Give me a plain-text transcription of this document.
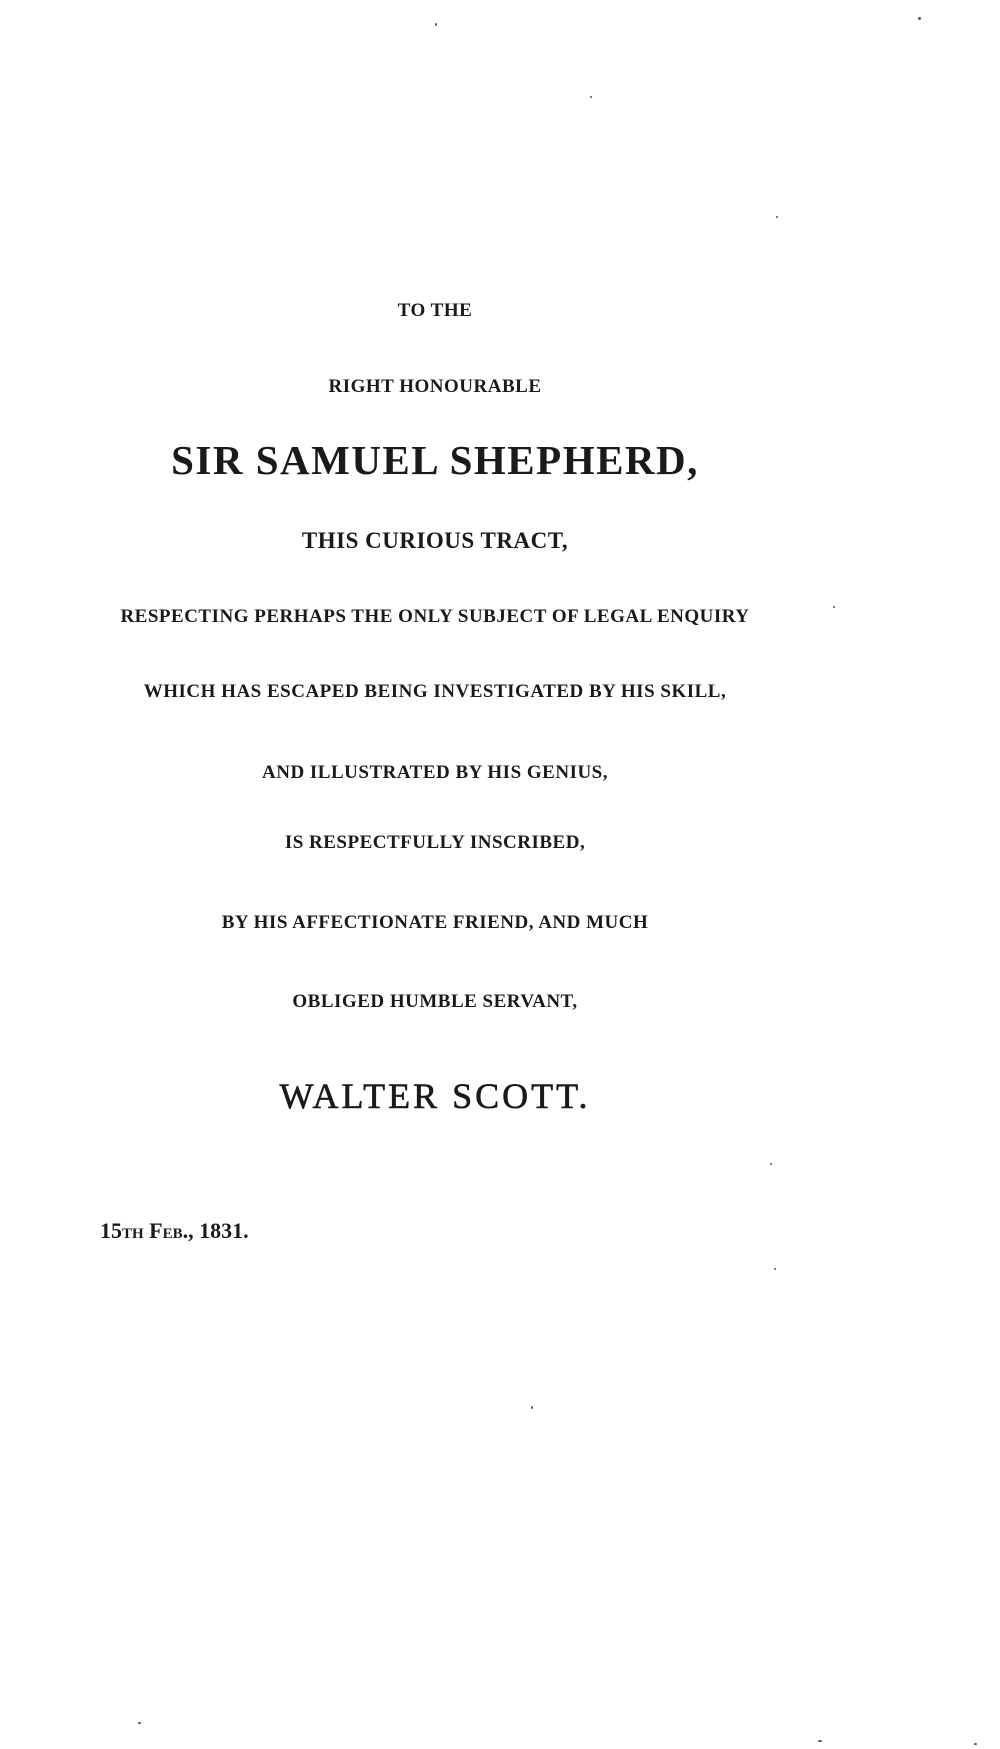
TO THE
RIGHT HONOURABLE
SIR SAMUEL SHEPHERD,
THIS CURIOUS TRACT,
RESPECTING PERHAPS THE ONLY SUBJECT OF LEGAL ENQUIRY
WHICH HAS ESCAPED BEING INVESTIGATED BY HIS SKILL,
AND ILLUSTRATED BY HIS GENIUS,
IS RESPECTFULLY INSCRIBED,
BY HIS AFFECTIONATE FRIEND, AND MUCH
OBLIGED HUMBLE SERVANT,
WALTER SCOTT.
15th Feb., 1831.
